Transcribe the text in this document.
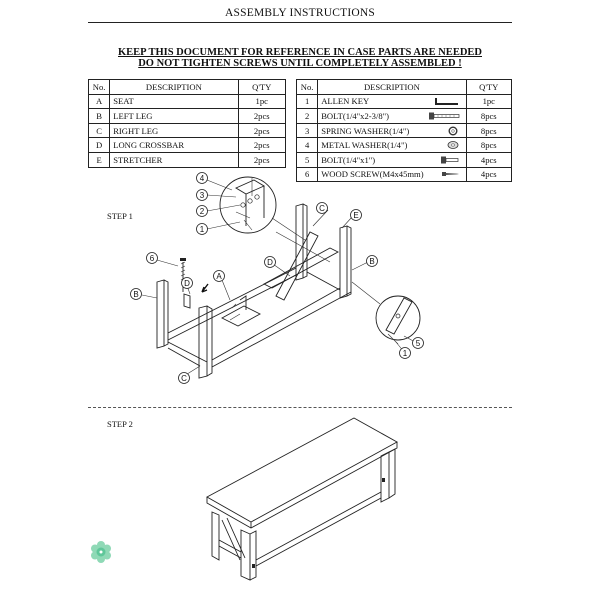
ASSEMBLY INSTRUCTIONS
KEEP THIS DOCUMENT FOR REFERENCE IN CASE PARTS ARE NEEDED
DO NOT TIGHTEN SCREWS UNTIL COMPLETELY ASSEMBLED !
No.	DESCRIPTION	Q'TY
A	SEAT	1pc
B	LEFT LEG	2pcs
C	RIGHT LEG	2pcs
D	LONG CROSSBAR	2pcs
E	STRETCHER	2pcs
No.	DESCRIPTION	Q'TY
1	ALLEN KEY	1pc
2	BOLT(1/4"x2-3/8")	8pcs
3	SPRING WASHER(1/4")	8pcs
4	METAL WASHER(1/4")	8pcs
5	BOLT(1/4"x1")	4pcs
6	WOOD SCREW(M4x45mm)	4pcs
STEP 1
4
3
2
1
6
B
D
A
C
C
E
D	B
5
1
STEP 2
